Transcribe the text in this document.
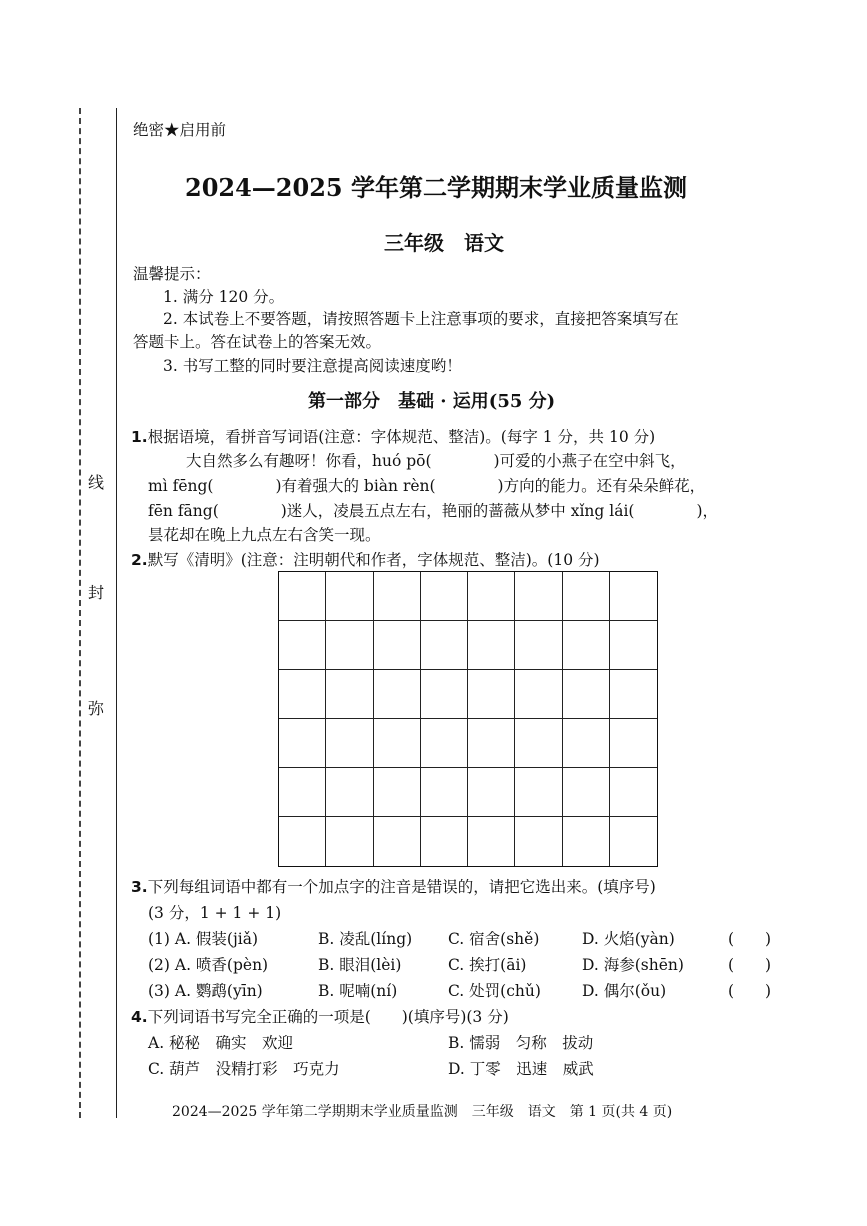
线
封
弥
绝密★启用前
2024—2025 学年第二学期期末学业质量监测
三年级　语文
温馨提示：
1. 满分 120 分。
2. 本试卷上不要答题，请按照答题卡上注意事项的要求，直接把答案填写在
答题卡上。答在试卷上的答案无效。
3. 书写工整的同时要注意提高阅读速度哟！
第一部分　基础 · 运用(55 分)
1.根据语境，看拼音写词语(注意：字体规范、整洁)。(每字 1 分，共 10 分)
大自然多么有趣呀！你看，huó pō(　　　　)可爱的小燕子在空中斜飞，
mì fēng(　　　　)有着强大的 biàn rèn(　　　　)方向的能力。还有朵朵鲜花，
fēn fāng(　　　　)迷人，凌晨五点左右，艳丽的蔷薇从梦中 xǐng lái(　　　　)，
昙花却在晚上九点左右含笑一现。
2.默写《清明》(注意：注明朝代和作者，字体规范、整洁)。(10 分)
3.下列每组词语中都有一个加点字的注音是错误的，请把它选出来。(填序号)
(3 分，1 + 1 + 1)
(1) A. 假装(jiǎ)	B. 凌乱(líng) C. 宿舍(shě)	D. 火焰(yàn)	(　　)
(2) A. 喷香(pèn)	B. 眼泪(lèi)	C. 挨打(āi)	D. 海参(shēn)	(　　)
(3) A. 鹦鹉(yīn)	B. 呢喃(ní)	C. 处罚(chǔ)	D. 偶尔(ǒu)	(　　)
4.下列词语书写完全正确的一项是(　　)(填序号)(3 分)
A. 秘秘　确实　欢迎	B. 懦弱　匀称　拔动
C. 葫芦　没精打彩　巧克力	D. 丁零　迅速　威武
2024—2025 学年第二学期期末学业质量监测　三年级　语文　第 1 页(共 4 页)
